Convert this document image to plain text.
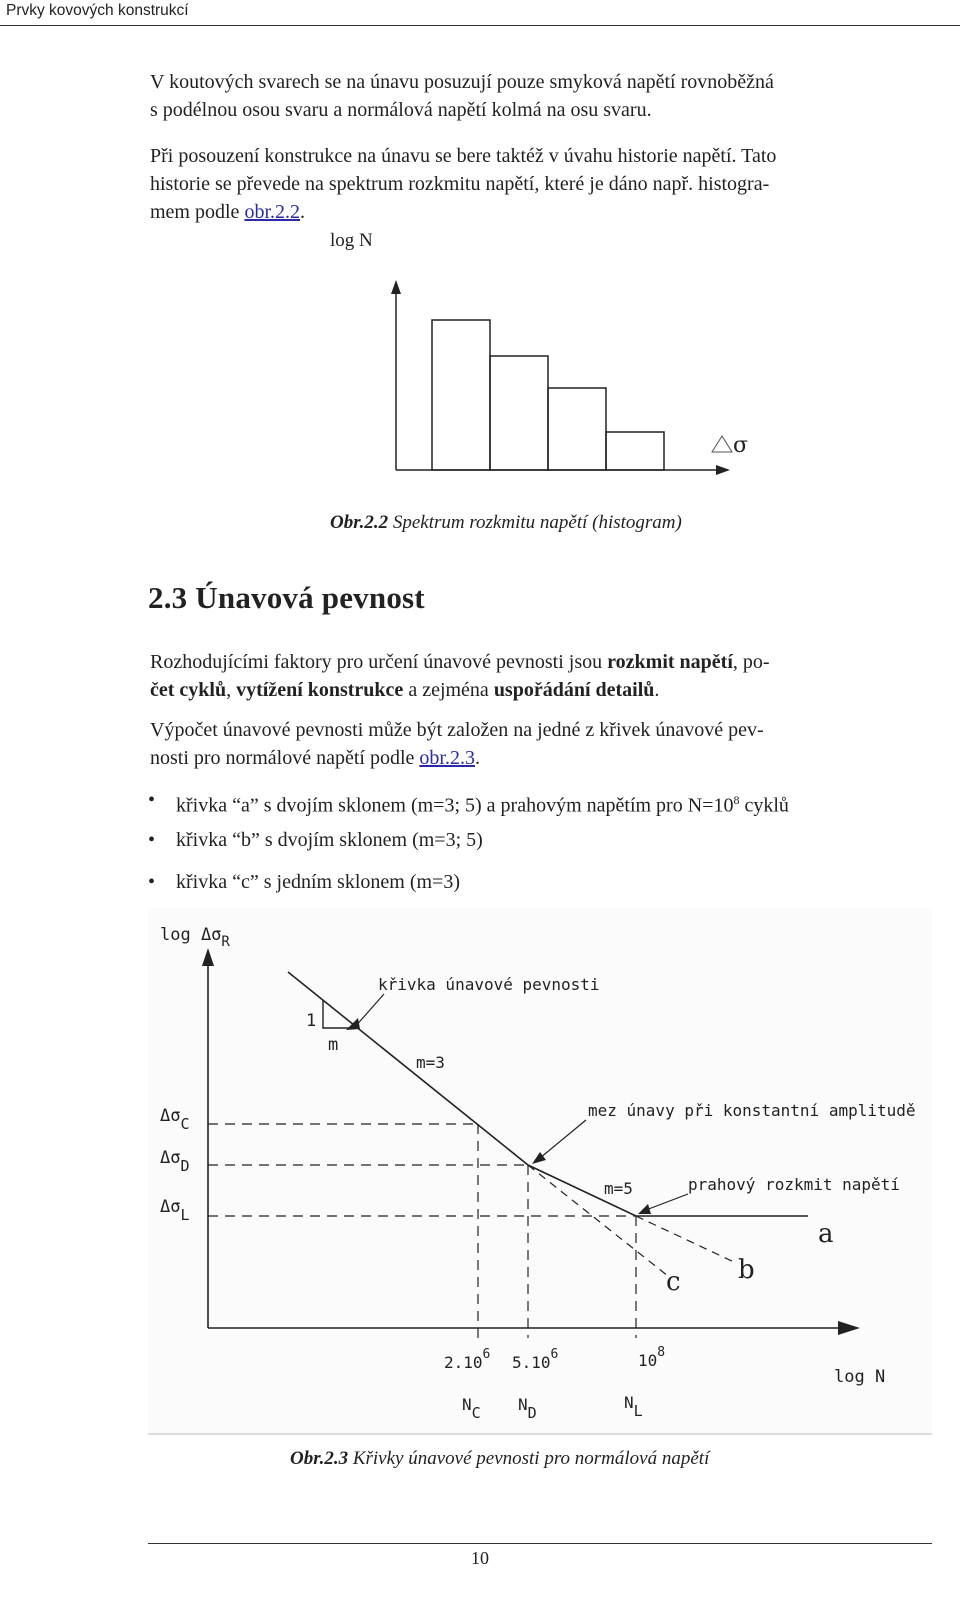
Prvky kovových konstrukcí

V koutových svarech se na únavu posuzují pouze smyková napětí rovnoběžná
s podélnou osou svaru a normálová napětí kolmá na osu svaru.

Při posouzení konstrukce na únavu se bere taktéž v úvahu historie napětí. Tato
historie se převede na spektrum rozkmitu napětí, které je dáno např. histogra-
mem podle obr.2.2.

log N
σ
Obr.2.2 Spektrum rozkmitu napětí (histogram)
2.3 Únavová pevnost

Rozhodujícími faktory pro určení únavové pevnosti jsou rozkmit napětí, po-
čet cyklů, vytížení konstrukce a zejména uspořádání detailů.

Výpočet únavové pevnosti může být založen na jedné z křivek únavové pev-
nosti pro normálové napětí podle obr.2.3.

• křivka “a” s dvojím sklonem (m=3; 5) a prahovým napětím pro $N=10^8$ cyklů
• křivka “b” s dvojím sklonem (m=3; 5)
• křivka “c” s jedním sklonem (m=3)
$\log \Delta\sigma_R$
log N
1
m
křivka únavové pevnosti
m=3
m=5
mez únavy při konstantní amplitudě
prahový rozkmit napětí
ΔσC
ΔσD
ΔσL
2.10$^6$ 5.10$^6$	$10^8$
NC ND
NL
a
b
c
Obr.2.3 Křivky únavové pevnosti pro normálová napětí
10
